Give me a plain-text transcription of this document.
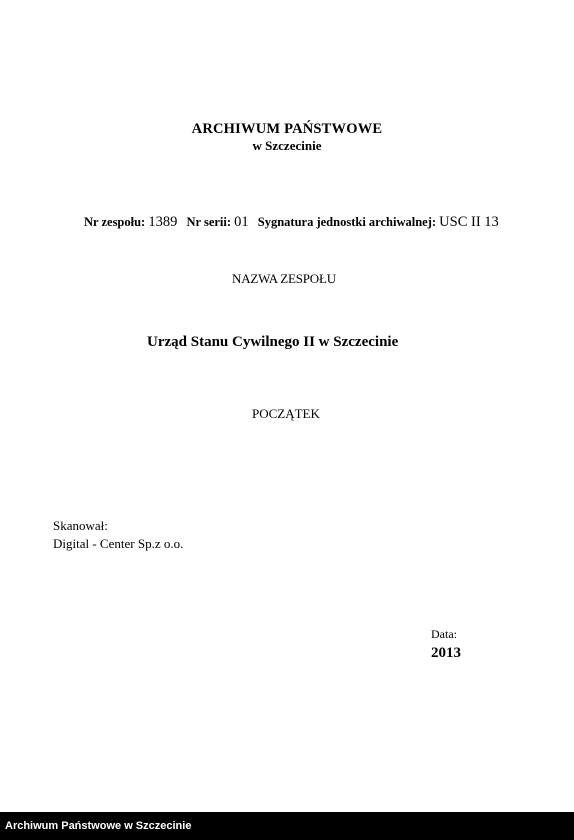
ARCHIWUM PAŃSTWOWE
w Szczecinie
Nr zespołu: 1389 Nr serii: 01 Sygnatura jednostki archiwalnej: USC II 13
NAZWA ZESPOŁU
Urząd Stanu Cywilnego II w Szczecinie
POCZĄTEK
Skanował:
Digital - Center Sp.z o.o.
Data:
2013
Archiwum Państwowe w Szczecinie
